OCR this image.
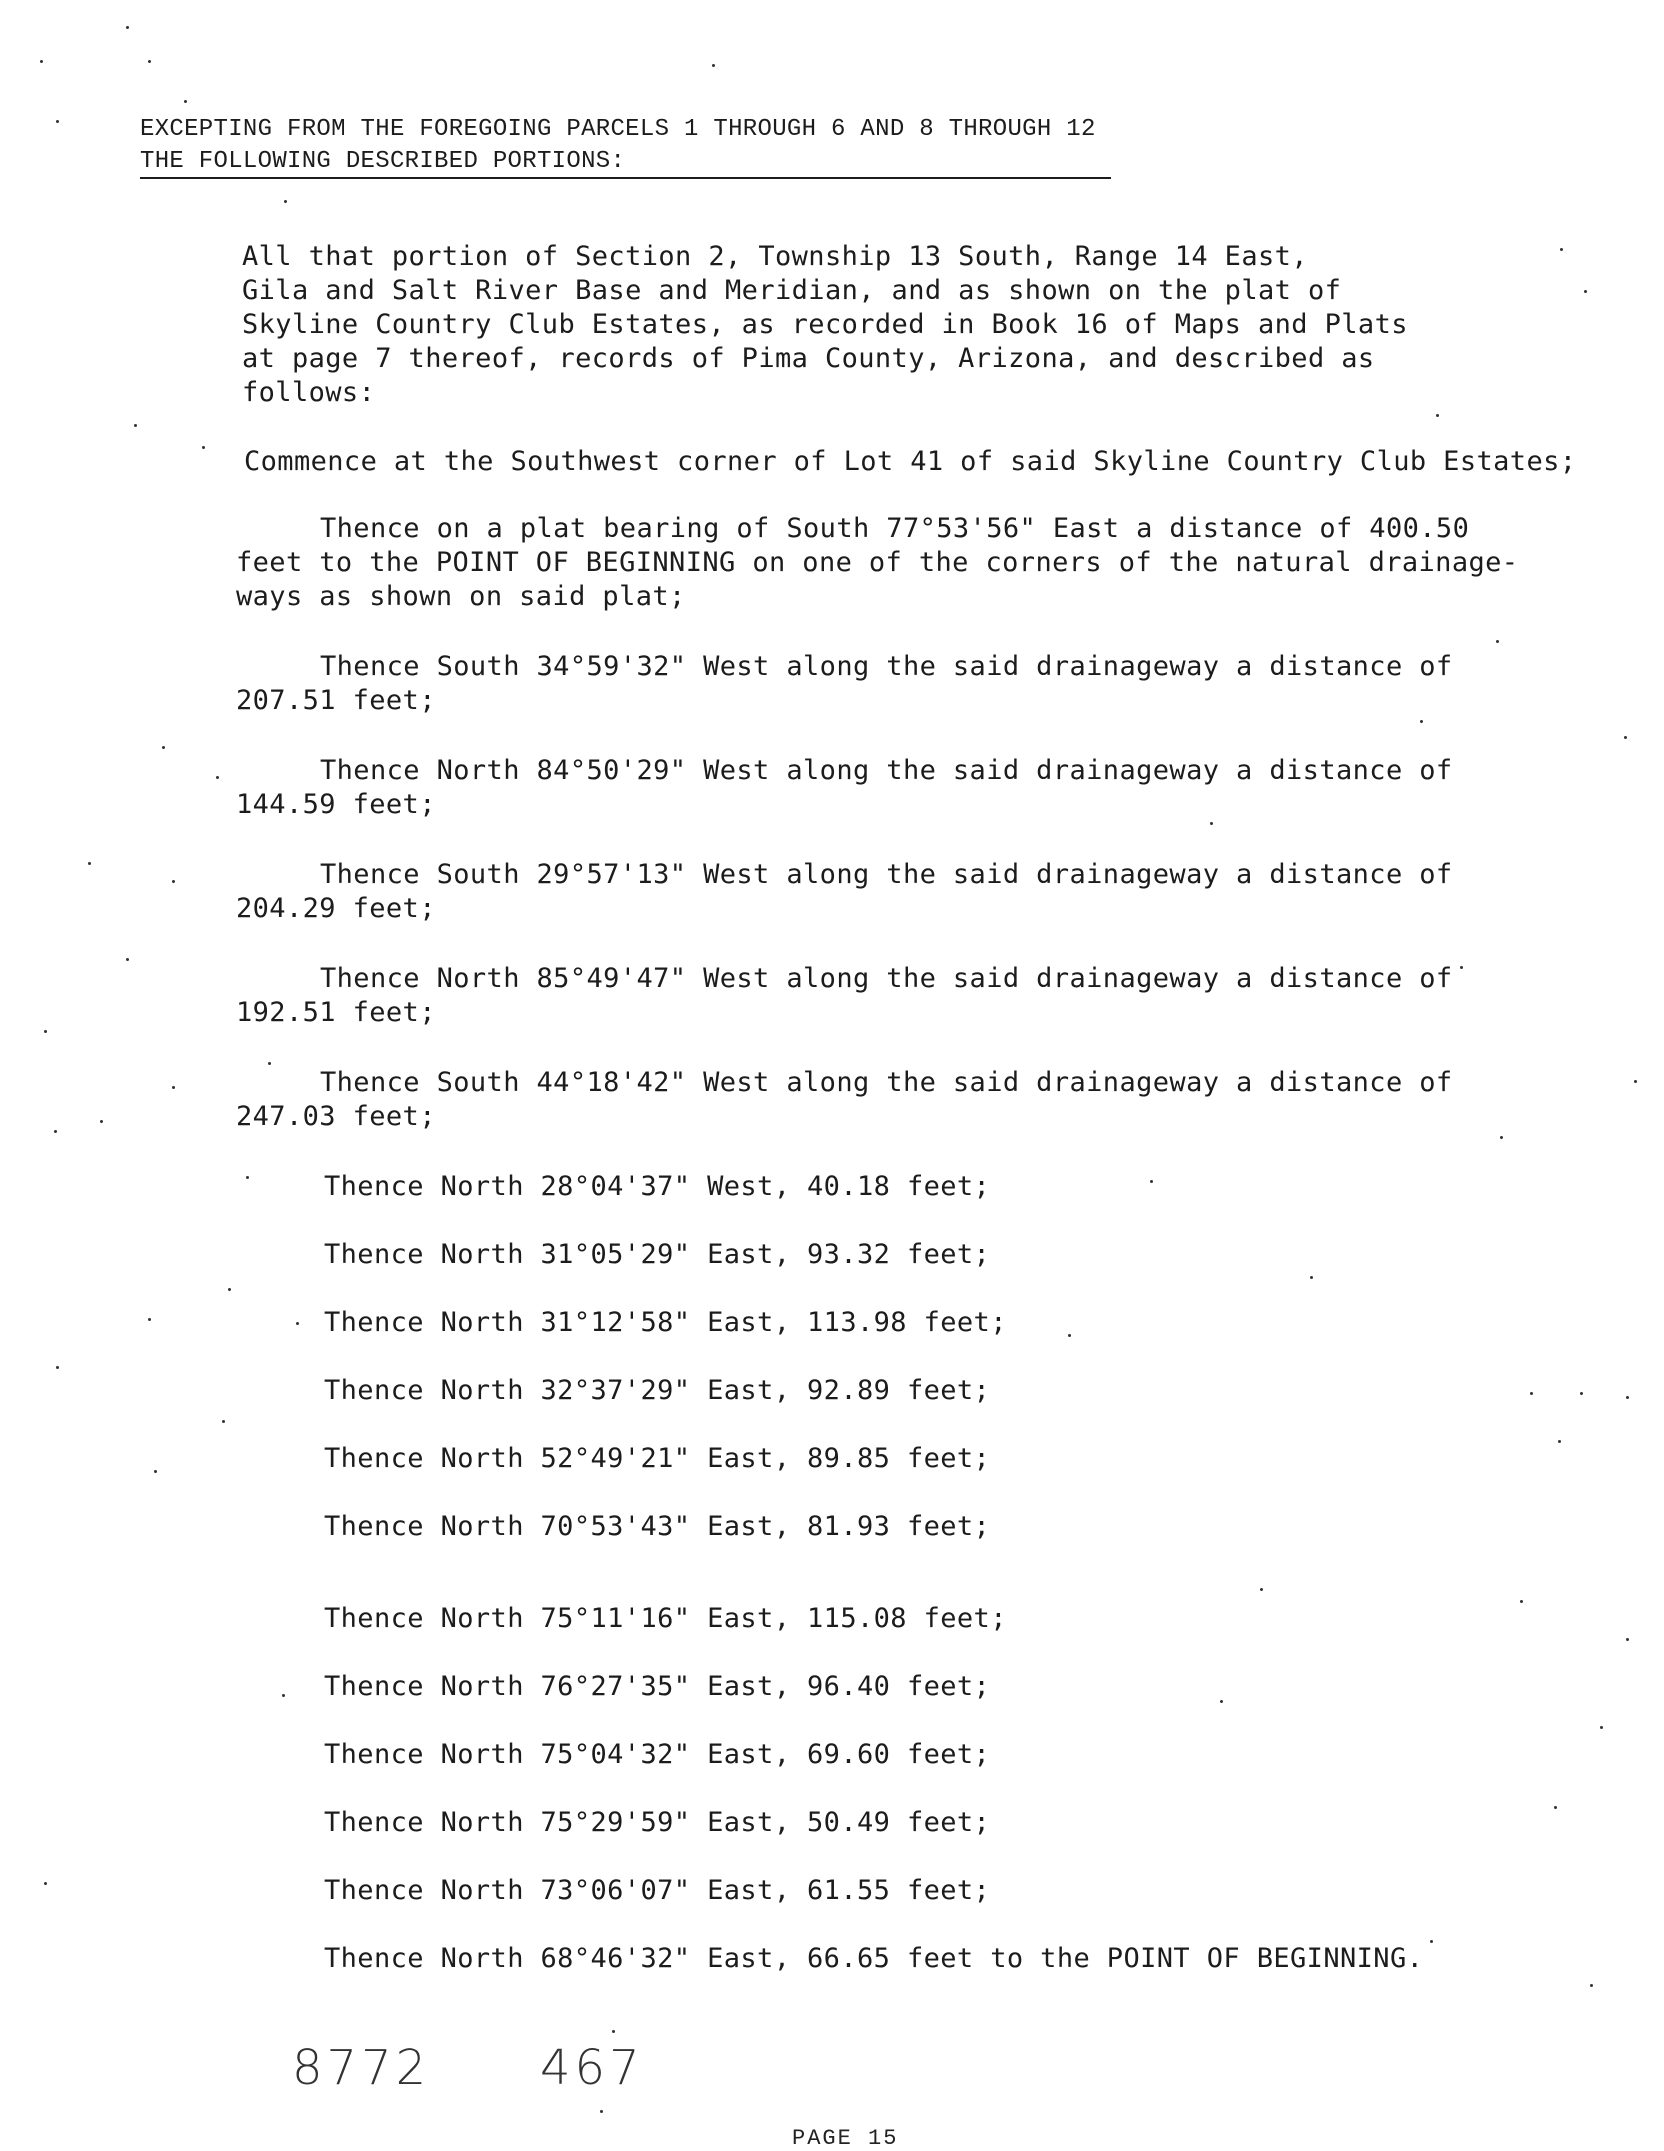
EXCEPTING FROM THE FOREGOING PARCELS 1 THROUGH 6 AND 8 THROUGH 12
THE FOLLOWING DESCRIBED PORTIONS:
All that portion of Section 2, Township 13 South, Range 14 East,
Gila and Salt River Base and Meridian, and as shown on the plat of
Skyline Country Club Estates, as recorded in Book 16 of Maps and Plats
at page 7 thereof, records of Pima County, Arizona, and described as
follows:
Commence at the Southwest corner of Lot 41 of said Skyline Country Club Estates;
Thence on a plat bearing of South 77°53'56" East a distance of 400.50
feet to the POINT OF BEGINNING on one of the corners of the natural drainage-
ways as shown on said plat;
Thence South 34°59'32" West along the said drainageway a distance of
207.51 feet;
Thence North 84°50'29" West along the said drainageway a distance of
144.59 feet;
Thence South 29°57'13" West along the said drainageway a distance of
204.29 feet;
Thence North 85°49'47" West along the said drainageway a distance of
192.51 feet;
Thence South 44°18'42" West along the said drainageway a distance of
247.03 feet;
Thence North 28°04'37" West, 40.18 feet;
Thence North 31°05'29" East, 93.32 feet;
Thence North 31°12'58" East, 113.98 feet;
Thence North 32°37'29" East, 92.89 feet;
Thence North 52°49'21" East, 89.85 feet;
Thence North 70°53'43" East, 81.93 feet;
Thence North 75°11'16" East, 115.08 feet;
Thence North 76°27'35" East, 96.40 feet;
Thence North 75°04'32" East, 69.60 feet;
Thence North 75°29'59" East, 50.49 feet;
Thence North 73°06'07" East, 61.55 feet;
Thence North 68°46'32" East, 66.65 feet to the POINT OF BEGINNING.
8772 467
PAGE 15
